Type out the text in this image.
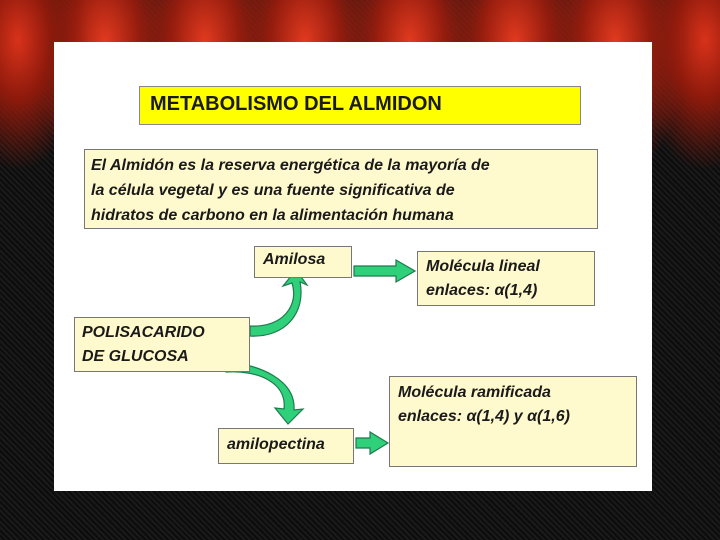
METABOLISMO DEL ALMIDON
El Almidón es la reserva energética de la mayoría de
la célula vegetal y es una fuente significativa de
hidratos de carbono en la alimentación humana
Amilosa	Molécula lineal
enlaces: α(1,4)
POLISACARIDO
DE GLUCOSA
Molécula ramificada
enlaces: α(1,4) y α(1,6)
amilopectina
